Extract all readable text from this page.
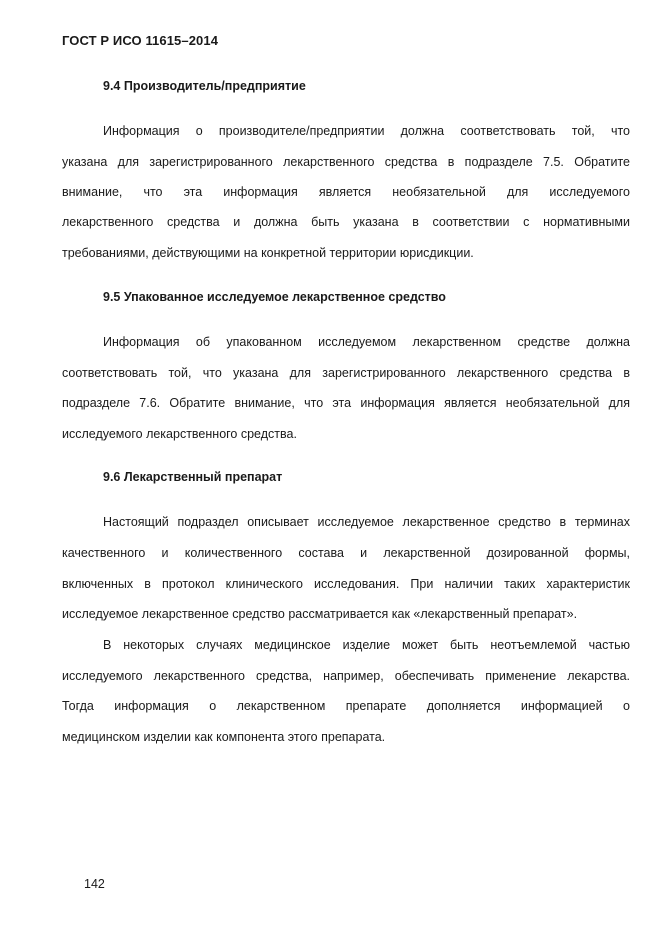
ГОСТ Р ИСО 11615–2014
9.4 Производитель/предприятие
Информация о производителе/предприятии должна соответствовать той, что
указана для зарегистрированного лекарственного средства в подразделе 7.5. Обратите
внимание, что эта информация является необязательной для исследуемого
лекарственного средства и должна быть указана в соответствии с нормативными
требованиями, действующими на конкретной территории юрисдикции.
9.5 Упакованное исследуемое лекарственное средство
Информация об упакованном исследуемом лекарственном средстве должна
соответствовать той, что указана для зарегистрированного лекарственного средства в
подразделе 7.6. Обратите внимание, что эта информация является необязательной для
исследуемого лекарственного средства.
9.6 Лекарственный препарат
Настоящий подраздел описывает исследуемое лекарственное средство в терминах
качественного и количественного состава и лекарственной дозированной формы,
включенных в протокол клинического исследования. При наличии таких характеристик
исследуемое лекарственное средство рассматривается как «лекарственный препарат».
В некоторых случаях медицинское изделие может быть неотъемлемой частью
исследуемого лекарственного средства, например, обеспечивать применение лекарства.
Тогда информация о лекарственном препарате дополняется информацией о
медицинском изделии как компонента этого препарата.
142
